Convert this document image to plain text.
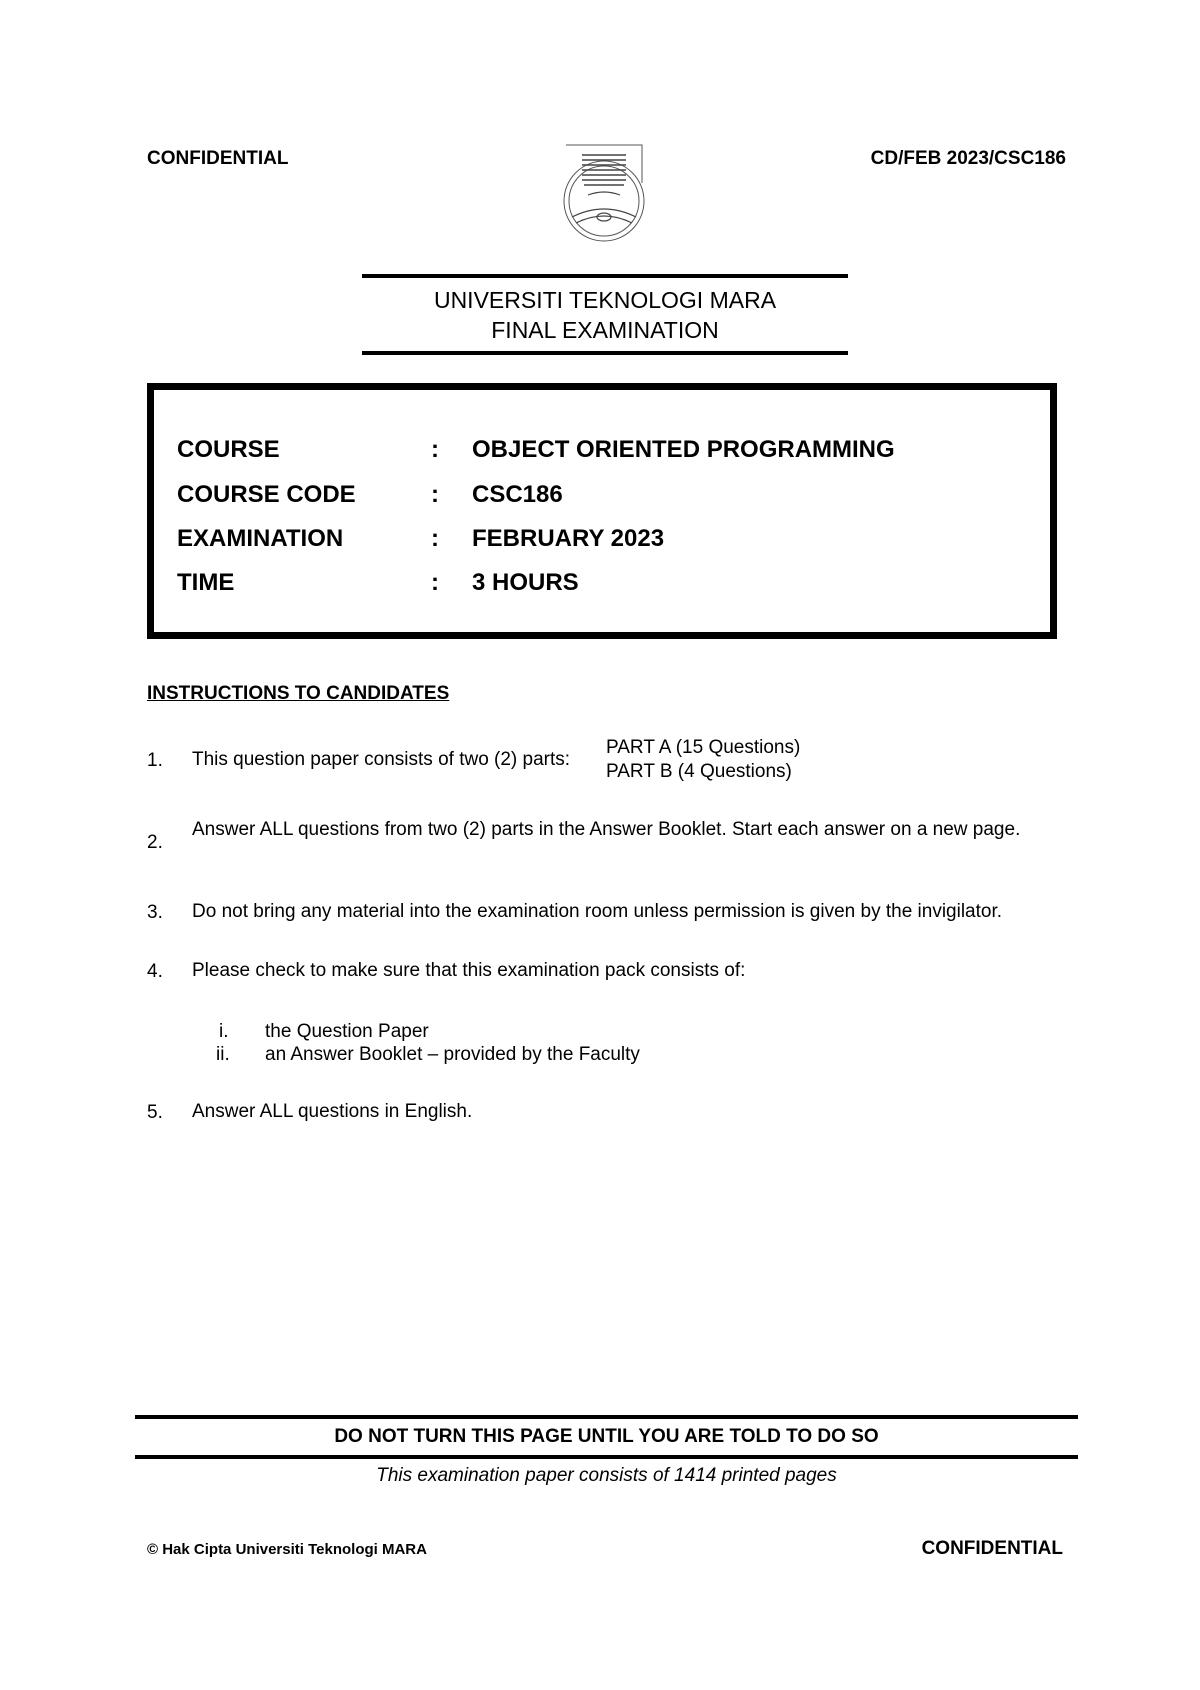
CONFIDENTIAL	CD/FEB 2023/CSC186
UNIVERSITI TEKNOLOGI MARA
FINAL EXAMINATION
COURSE	: OBJECT ORIENTED PROGRAMMING
COURSE CODE	: CSC186
EXAMINATION	: FEBRUARY 2023
TIME	: 3 HOURS
INSTRUCTIONS TO CANDIDATES
1. This question paper consists of two (2) parts:
PART A (15 Questions)
PART B (4 Questions)
2.
Answer ALL questions from two (2) parts in the Answer Booklet. Start each answer on a new page.
3. Do not bring any material into the examination room unless permission is given by the invigilator.
4. Please check to make sure that this examination pack consists of:
i. the Question Paper
ii. an Answer Booklet – provided by the Faculty
5. Answer ALL questions in English.
DO NOT TURN THIS PAGE UNTIL YOU ARE TOLD TO DO SO
This examination paper consists of 1414 printed pages
© Hak Cipta Universiti Teknologi MARA	CONFIDENTIAL
